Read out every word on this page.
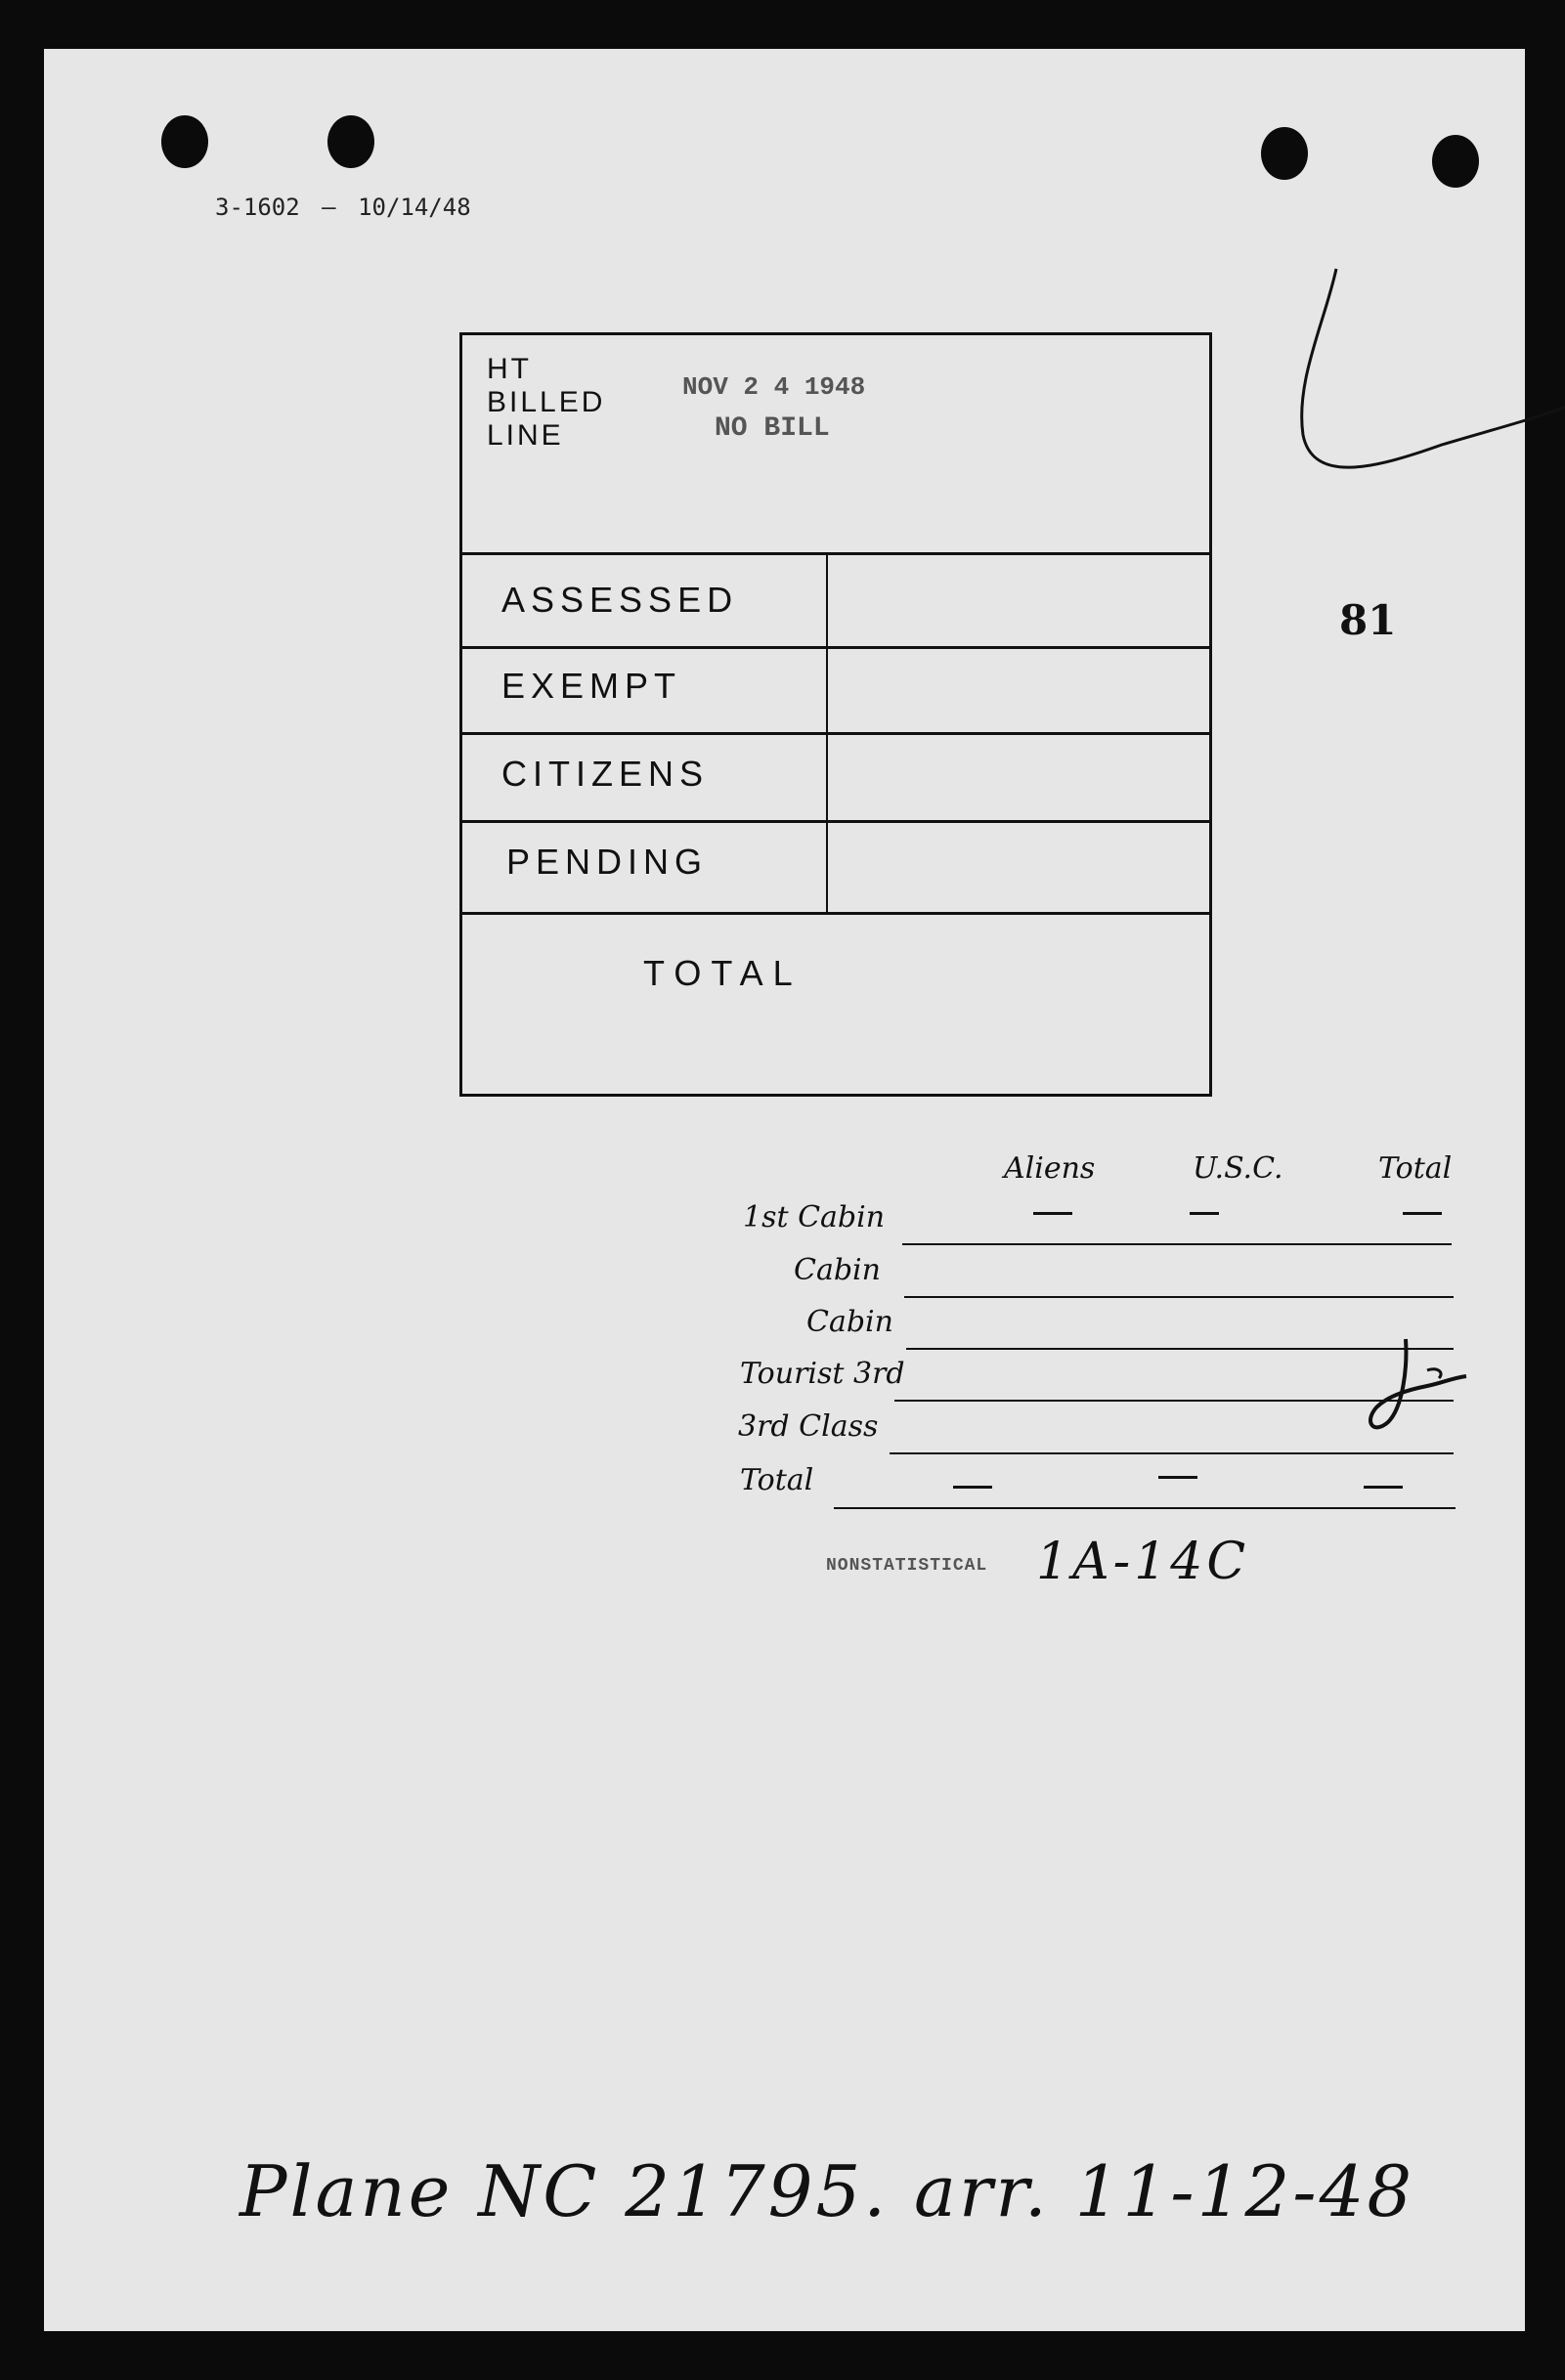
3-1602 — 10/14/48
81
HT
BILLED
LINE
NOV 2 4 1948
NO BILL
ASSESSED
EXEMPT
CITIZENS
PENDING
TOTAL
Aliens	U.S.C.	Total
1st Cabin
Cabin
Cabin
Tourist 3rd
3rd Class
Total
NONSTATISTICAL 1A-14C
Plane NC 21795. arr. 11-12-48
